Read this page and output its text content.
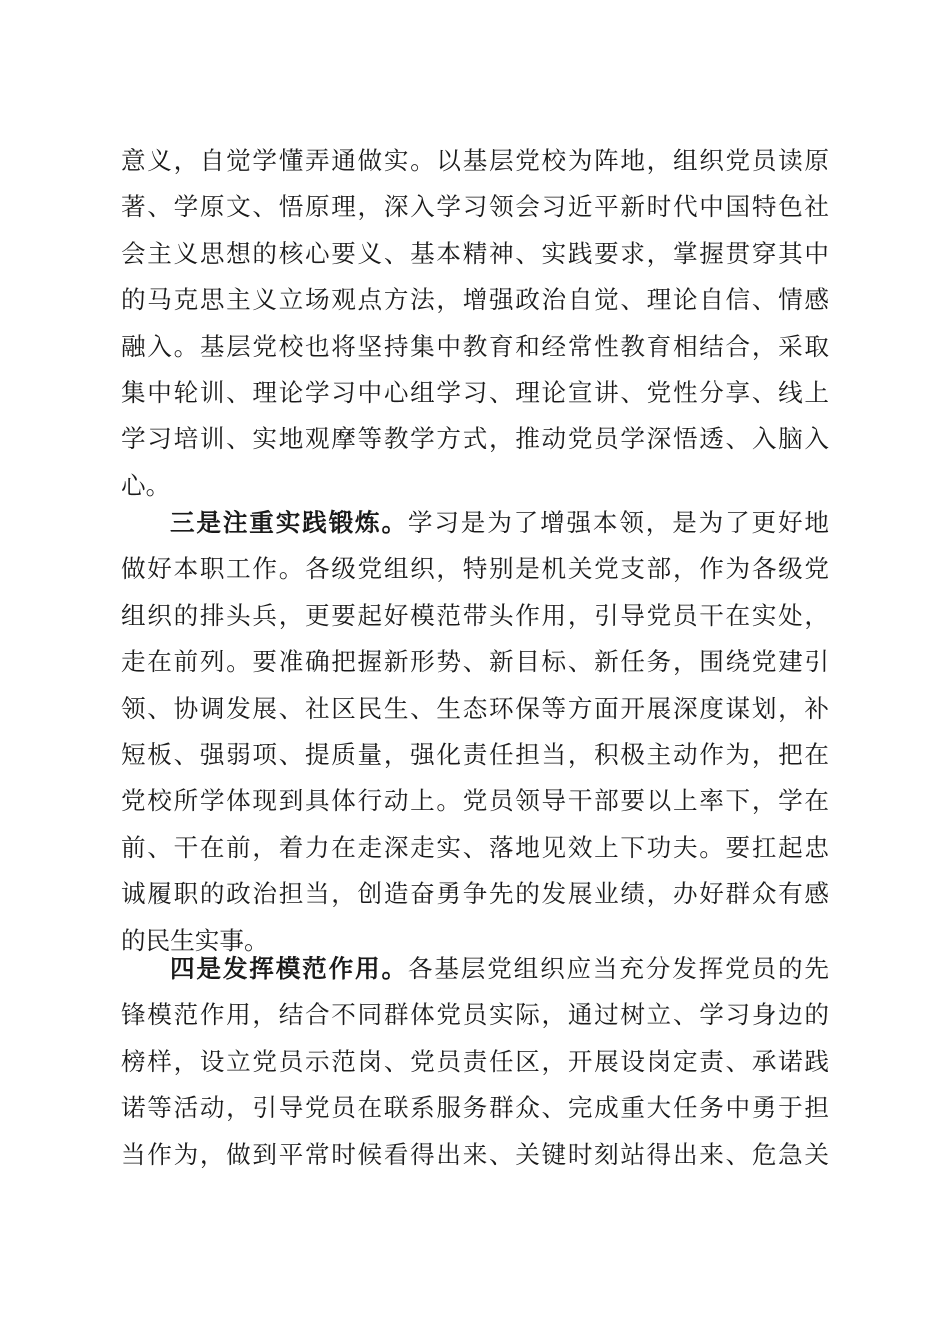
意义，自觉学懂弄通做实。以基层党校为阵地，组织党员读原
著、学原文、悟原理，深入学习领会习近平新时代中国特色社
会主义思想的核心要义、基本精神、实践要求，掌握贯穿其中
的马克思主义立场观点方法，增强政治自觉、理论自信、情感
融入。基层党校也将坚持集中教育和经常性教育相结合，采取
集中轮训、理论学习中心组学习、理论宣讲、党性分享、线上
学习培训、实地观摩等教学方式，推动党员学深悟透、入脑入
心。
三是注重实践锻炼。学习是为了增强本领，是为了更好地
做好本职工作。各级党组织，特别是机关党支部，作为各级党
组织的排头兵，更要起好模范带头作用，引导党员干在实处，
走在前列。要准确把握新形势、新目标、新任务，围绕党建引
领、协调发展、社区民生、生态环保等方面开展深度谋划，补
短板、强弱项、提质量，强化责任担当，积极主动作为，把在
党校所学体现到具体行动上。党员领导干部要以上率下，学在
前、干在前，着力在走深走实、落地见效上下功夫。要扛起忠
诚履职的政治担当，创造奋勇争先的发展业绩，办好群众有感
的民生实事。
四是发挥模范作用。各基层党组织应当充分发挥党员的先
锋模范作用，结合不同群体党员实际，通过树立、学习身边的
榜样，设立党员示范岗、党员责任区，开展设岗定责、承诺践
诺等活动，引导党员在联系服务群众、完成重大任务中勇于担
当作为，做到平常时候看得出来、关键时刻站得出来、危急关
